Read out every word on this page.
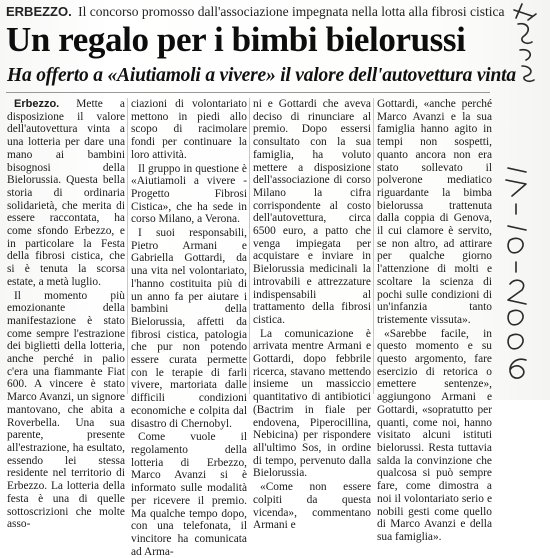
ERBEZZO. Il concorso promosso dall'associazione impegnata nella lotta alla fibrosi cistica
Un regalo per i bimbi bielorussi
Ha offerto a «Aiutiamoli a vivere» il valore dell'autovettura vinta

Erbezzo. Mette a disposizione il valore dell'autovettura vinta a una lotteria per dare una mano ai bambini bisognosi della Bielorussia. Questa bella storia di ordinaria solidarietà, che merita di essere raccontata, ha come sfondo Erbezzo, e in particolare la Festa della fibrosi cistica, che si è tenuta la scorsa estate, a metà luglio.

Il momento più emozionante della manifestazione è stato come sempre l'estrazione dei biglietti della lotteria, anche perché in palio c'era una fiammante Fiat 600. A vincere è stato Marco Avanzi, un signore mantovano, che abita a Roverbella. Una sua parente, presente all'estrazione, ha esultato, essendo lei stessa residente nel territorio di Erbezzo. La lotteria della festa è una di quelle sottoscrizioni che molte asso-

ciazioni di volontariato mettono in piedi allo scopo di racimolare fondi per continuare la loro attività.

Il gruppo in questione è «Aiutiamoli a vivere - Progetto Fibrosi Cistica», che ha sede in corso Milano, a Verona.

I suoi responsabili, Pietro Armani e Gabriella Gottardi, da una vita nel volontariato, l'hanno costituita più di un anno fa per aiutare i bambini della Bielorussia, affetti da fibrosi cistica, patologia che pur non potendo essere curata permette con le terapie di farli vivere, martoriata dalle difficili condizioni economiche e colpita dal disastro di Chernobyl.

Come vuole il regolamento della lotteria di Erbezzo, Marco Avanzi si è informato sulle modalità per ricevere il premio. Ma qualche tempo dopo, con una telefonata, il vincitore ha comunicata ad Arma-

ni e Gottardi che aveva deciso di rinunciare al premio. Dopo essersi consultato con la sua famiglia, ha voluto mettere a disposizione dell'associazione di corso Milano la cifra corrispondente al costo dell'autovettura, circa 6500 euro, a patto che venga impiegata per acquistare e inviare in Bielorussia medicinali la introvabili e attrezzature indispensabili al trattamento della fibrosi cistica.

La comunicazione è arrivata mentre Armani e Gottardi, dopo febbrile ricerca, stavano mettendo insieme un massiccio quantitativo di antibiotici (Bactrim in fiale per endovena, Piperocillina, Nebicina) per rispondere all'ultimo Sos, in ordine di tempo, pervenuto dalla Bielorussia.

«Come non essere colpiti da questa vicenda», commentano Armani e

Gottardi, «anche perché Marco Avanzi e la sua famiglia hanno agito in tempi non sospetti, quanto ancora non era stato sollevato il polverone mediatico riguardante la bimba bielorussa trattenuta dalla coppia di Genova, il cui clamore è servito, se non altro, ad attirare per qualche giorno l'attenzione di molti e scoltare la scienza di pochi sulle condizioni di un'infanzia tanto tristemente vissuta».

«Sarebbe facile, in questo momento e su questo argomento, fare esercizio di retorica o emettere sentenze», aggiungono Armani e Gottardi, «sopratutto per quanti, come noi, hanno visitato alcuni istituti bielorussi. Resta tuttavia salda la convinzione che qualcosa si può sempre fare, come dimostra a noi il volontariato serio e nobili gesti come quello di Marco Avanzi e della sua famiglia».
